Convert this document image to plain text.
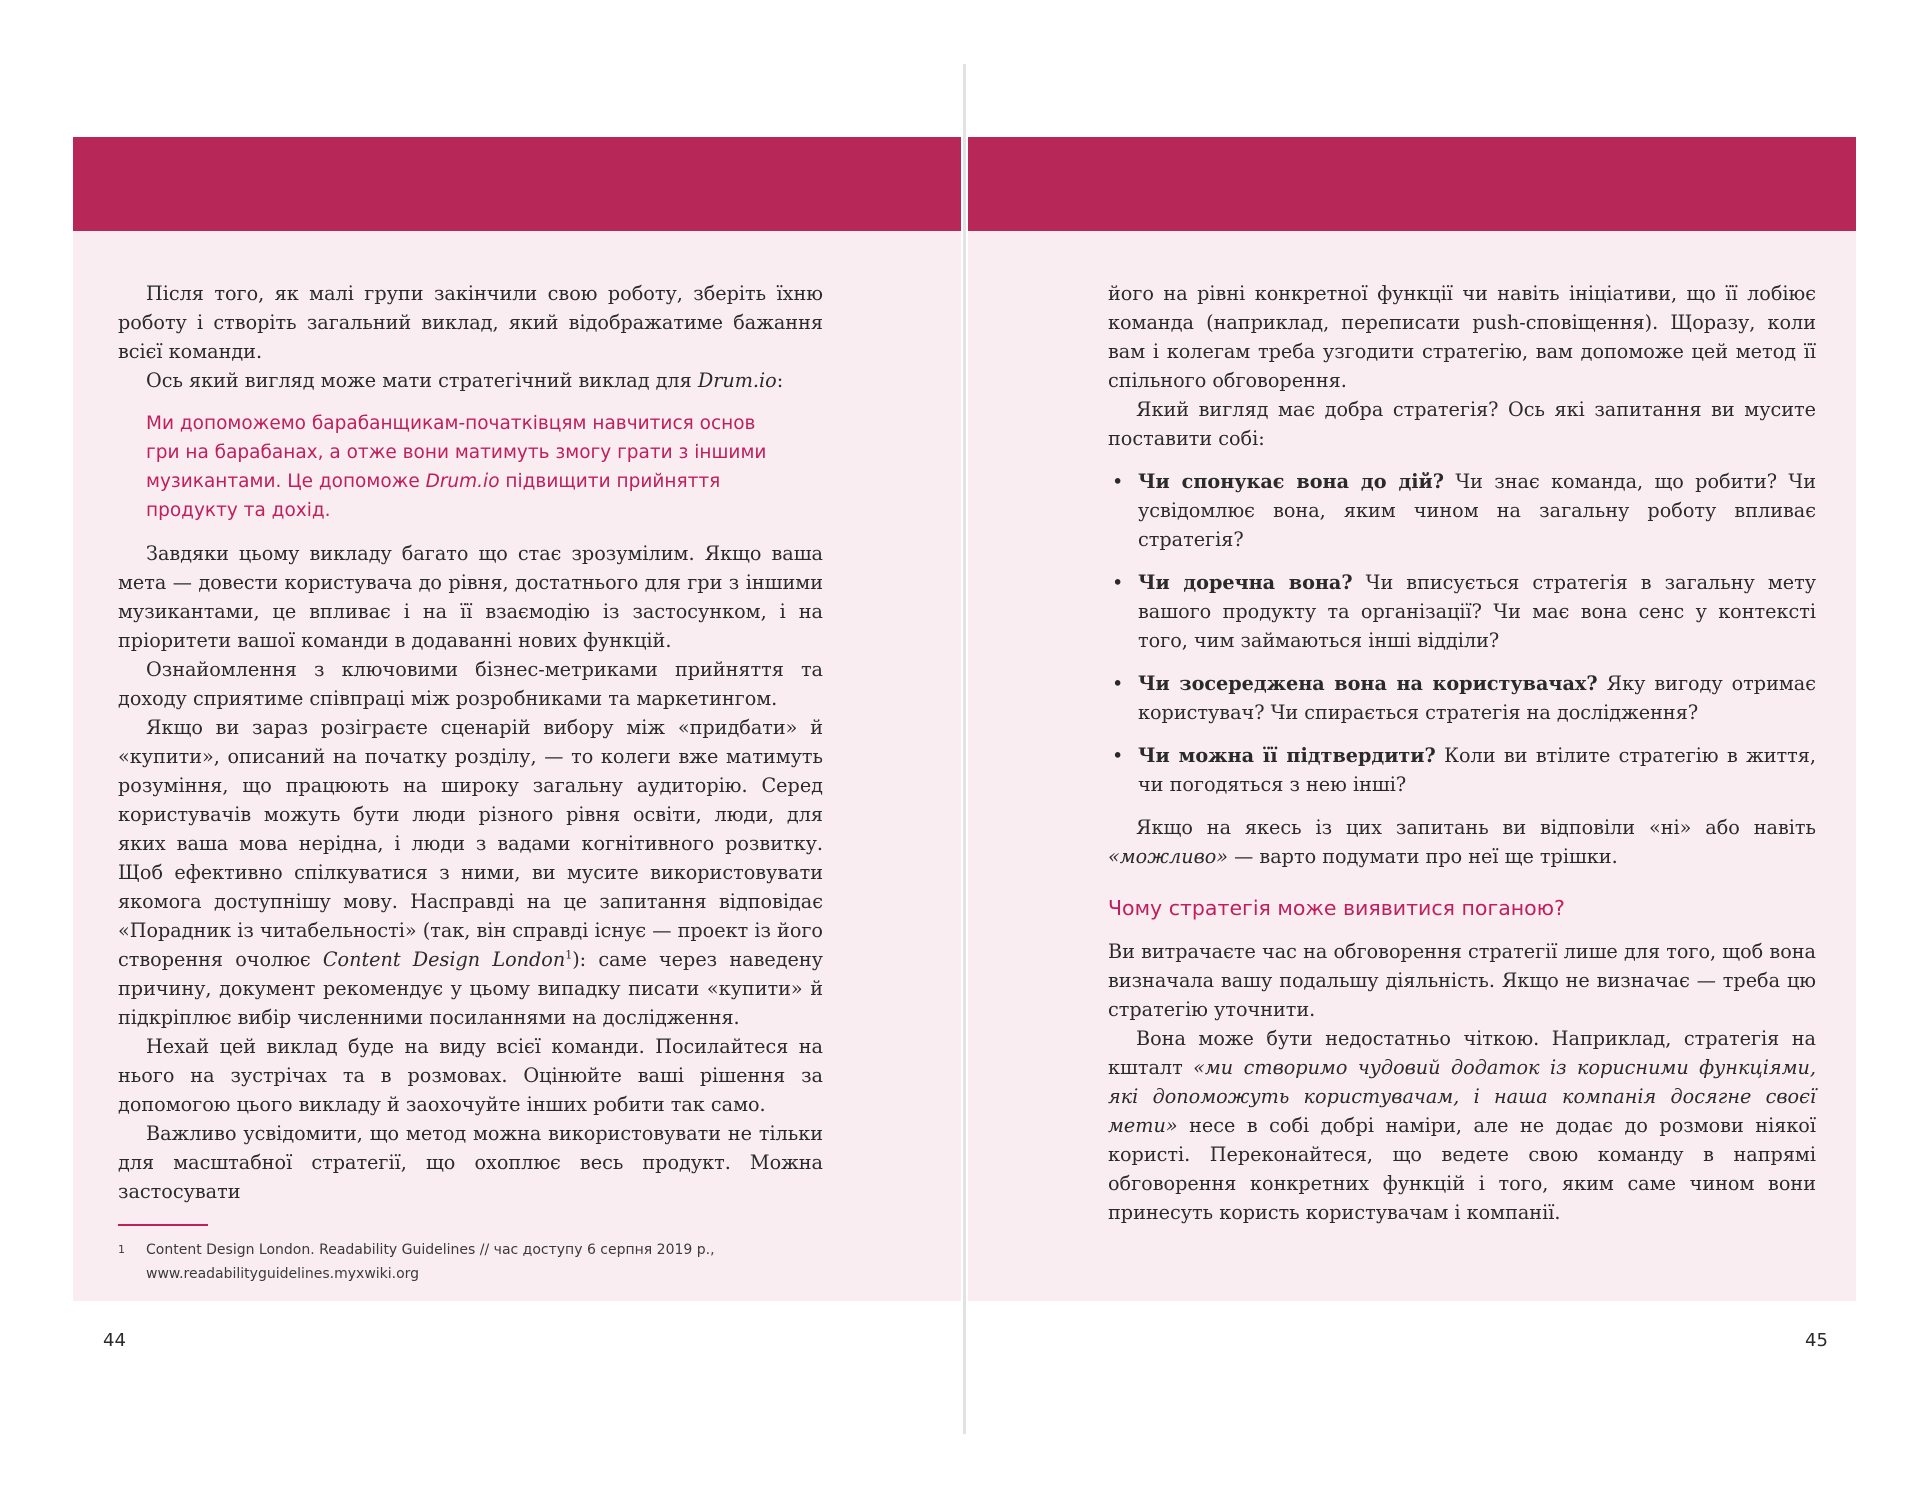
Після того, як малі групи закінчили свою роботу, зберіть їхню роботу і створіть загальний виклад, який відображатиме бажання всієї команди.

Ось який вигляд може мати стратегічний виклад для Drum.io:

Ми допоможемо барабанщикам-початківцям навчитися основ гри на барабанах, а отже вони матимуть змогу грати з іншими музикантами. Це допоможе Drum.io підвищити прийняття продукту та дохід.

Завдяки цьому викладу багато що стає зрозумілим. Якщо ваша мета — довести користувача до рівня, достатнього для гри з іншими музикантами, це впливає і на її взаємодію із застосунком, і на пріоритети вашої команди в додаванні нових функцій.

Ознайомлення з ключовими бізнес-метриками прийняття та доходу сприятиме співпраці між розробниками та маркетингом.

Якщо ви зараз розіграєте сценарій вибору між «придбати» й «купити», описаний на початку розділу, — то колеги вже матимуть розуміння, що працюють на широку загальну аудиторію. Серед користувачів можуть бути люди різного рівня освіти, люди, для яких ваша мова нерідна, і люди з вадами когнітивного розвитку. Щоб ефективно спілкуватися з ними, ви мусите використовувати якомога доступнішу мову. Насправді на це запитання відповідає «Порадник із читабельності» (так, він справді існує — проект із його створення очолює Content Design London$^1$): саме через наведену причину, документ рекомендує у цьому випадку писати «купити» й підкріплює вибір численними посиланнями на дослідження.

Нехай цей виклад буде на виду всієї команди. Посилайтеся на нього на зустрічах та в розмовах. Оцінюйте ваші рішення за допомогою цього викладу й заохочуйте інших робити так само.

Важливо усвідомити, що метод можна використовувати не тільки для масштабної стратегії, що охоплює весь продукт. Можна застосувати

1 Content Design London. Readability Guidelines // час доступу 6 серпня 2019 р., www.readabilityguidelines.myxwiki.org

його на рівні конкретної функції чи навіть ініціативи, що її лобіює команда (наприклад, переписати push-сповіщення). Щоразу, коли вам і колегам треба узгодити стратегію, вам допоможе цей метод її спільного обговорення.

Який вигляд має добра стратегія? Ось які запитання ви мусите поставити собі:

• Чи спонукає вона до дій? Чи знає команда, що робити? Чи усвідомлює вона, яким чином на загальну роботу впливає стратегія?
• Чи доречна вона? Чи вписується стратегія в загальну мету вашого продукту та організації? Чи має вона сенс у контексті того, чим займаються інші відділи?
• Чи зосереджена вона на користувачах? Яку вигоду отримає користувач? Чи спирається стратегія на дослідження?
• Чи можна її підтвердити? Коли ви втілите стратегію в життя, чи погодяться з нею інші?

Якщо на якесь із цих запитань ви відповіли «ні» або навіть «можливо» — варто подумати про неї ще трішки.

Чому стратегія може виявитися поганою?

Ви витрачаєте час на обговорення стратегії лише для того, щоб вона визначала вашу подальшу діяльність. Якщо не визначає — треба цю стратегію уточнити.

Вона може бути недостатньо чіткою. Наприклад, стратегія на кшталт «ми створимо чудовий додаток із корисними функціями, які допоможуть користувачам, і наша компанія досягне своєї мети» несе в собі добрі наміри, але не додає до розмови ніякої користі. Переконайтеся, що ведете свою команду в напрямі обговорення конкретних функцій і того, яким саме чином вони принесуть користь користувачам і компанії.

44	45
